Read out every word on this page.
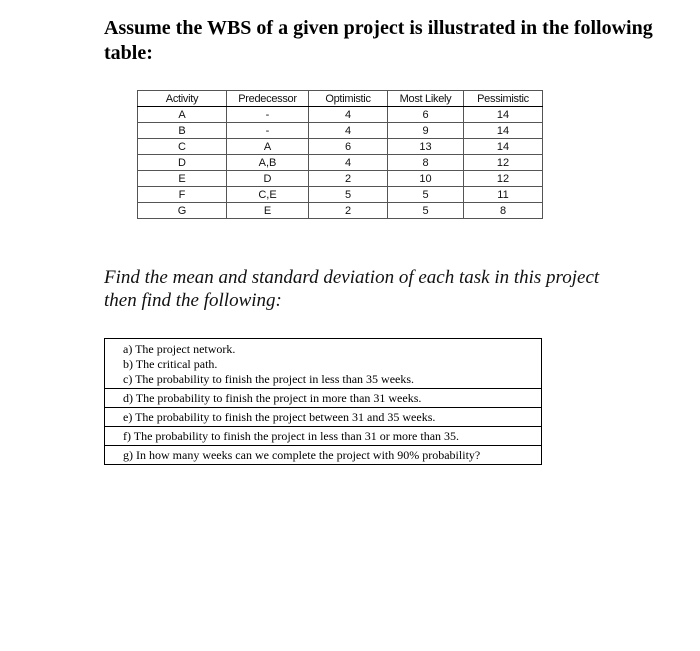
Assume the WBS of a given project is illustrated in the following table:
Activity	Predecessor	Optimistic	Most Likely	Pessimistic
A	-	4	6	14
B	-	4	9	14
C	A	6	13	14
D	A,B	4	8	12
E	D	2	10	12
F	C,E	5	5	11
G	E	2	5	8
Find the mean and standard deviation of each task in this project then find the following:
a) The project network.
b) The critical path.
c) The probability to finish the project in less than 35 weeks.
d) The probability to finish the project in more than 31 weeks.
e) The probability to finish the project between 31 and 35 weeks.
f) The probability to finish the project in less than 31 or more than 35.
g) In how many weeks can we complete the project with 90% probability?
